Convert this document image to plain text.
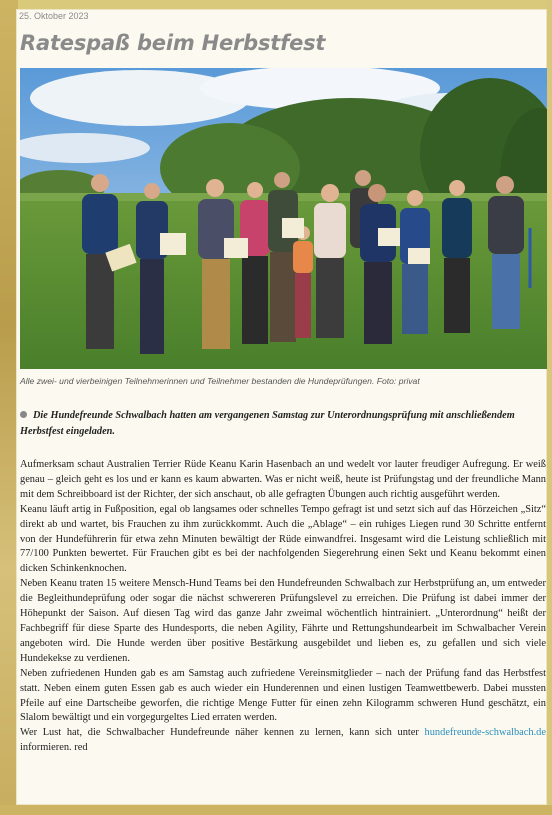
25. Oktober 2023
Ratespaß beim Herbstfest
Alle zwei- und vierbeinigen Teilnehmerinnen und Teilnehmer bestanden die Hundeprüfungen. Foto: privat
Die Hundefreunde Schwalbach hatten am vergangenen Samstag zur Unterordnungsprüfung mit anschließendem Herbstfest eingeladen.

Aufmerksam schaut Australien Terrier Rüde Keanu Karin Hasenbach an und wedelt vor lauter freudiger Aufregung. Er weiß genau – gleich geht es los und er kann es kaum abwarten. Was er nicht weiß, heute ist Prüfungstag und der freundliche Mann mit dem Schreibboard ist der Richter, der sich anschaut, ob alle gefragten Übungen auch richtig ausgeführt werden.

Keanu läuft artig in Fußposition, egal ob langsames oder schnelles Tempo gefragt ist und setzt sich auf das Hörzeichen „Sitz“ direkt ab und wartet, bis Frauchen zu ihm zurückkommt. Auch die „Ablage“ – ein ruhiges Liegen rund 30 Schritte entfernt von der Hundeführerin für etwa zehn Minuten bewältigt der Rüde einwandfrei. Insgesamt wird die Leistung schließlich mit 77/100 Punkten bewertet. Für Frauchen gibt es bei der nachfolgenden Siegerehrung einen Sekt und Keanu bekommt einen dicken Schinkenknochen.

Neben Keanu traten 15 weitere Mensch-Hund Teams bei den Hundefreunden Schwalbach zur Herbstprüfung an, um entweder die Begleithundeprüfung oder sogar die nächst schwereren Prüfungslevel zu erreichen. Die Prüfung ist dabei immer der Höhepunkt der Saison. Auf diesen Tag wird das ganze Jahr zweimal wöchentlich hintrainiert. „Unterordnung“ heißt der Fachbegriff für diese Sparte des Hundesports, die neben Agility, Fährte und Rettungshundearbeit im Schwalbacher Verein angeboten wird. Die Hunde werden über positive Bestärkung ausgebildet und lieben es, zu gefallen und sich viele Hundekekse zu verdienen.

Neben zufriedenen Hunden gab es am Samstag auch zufriedene Vereinsmitglieder – nach der Prüfung fand das Herbstfest statt. Neben einem guten Essen gab es auch wieder ein Hunderennen und einen lustigen Teamwettbewerb. Dabei mussten Pfeile auf eine Dartscheibe geworfen, die richtige Menge Futter für einen zehn Kilogramm schweren Hund geschätzt, ein Slalom bewältigt und ein vorgegurgeltes Lied erraten werden.

Wer Lust hat, die Schwalbacher Hundefreunde näher kennen zu lernen, kann sich unter hundefreunde-schwalbach.de informieren. red
